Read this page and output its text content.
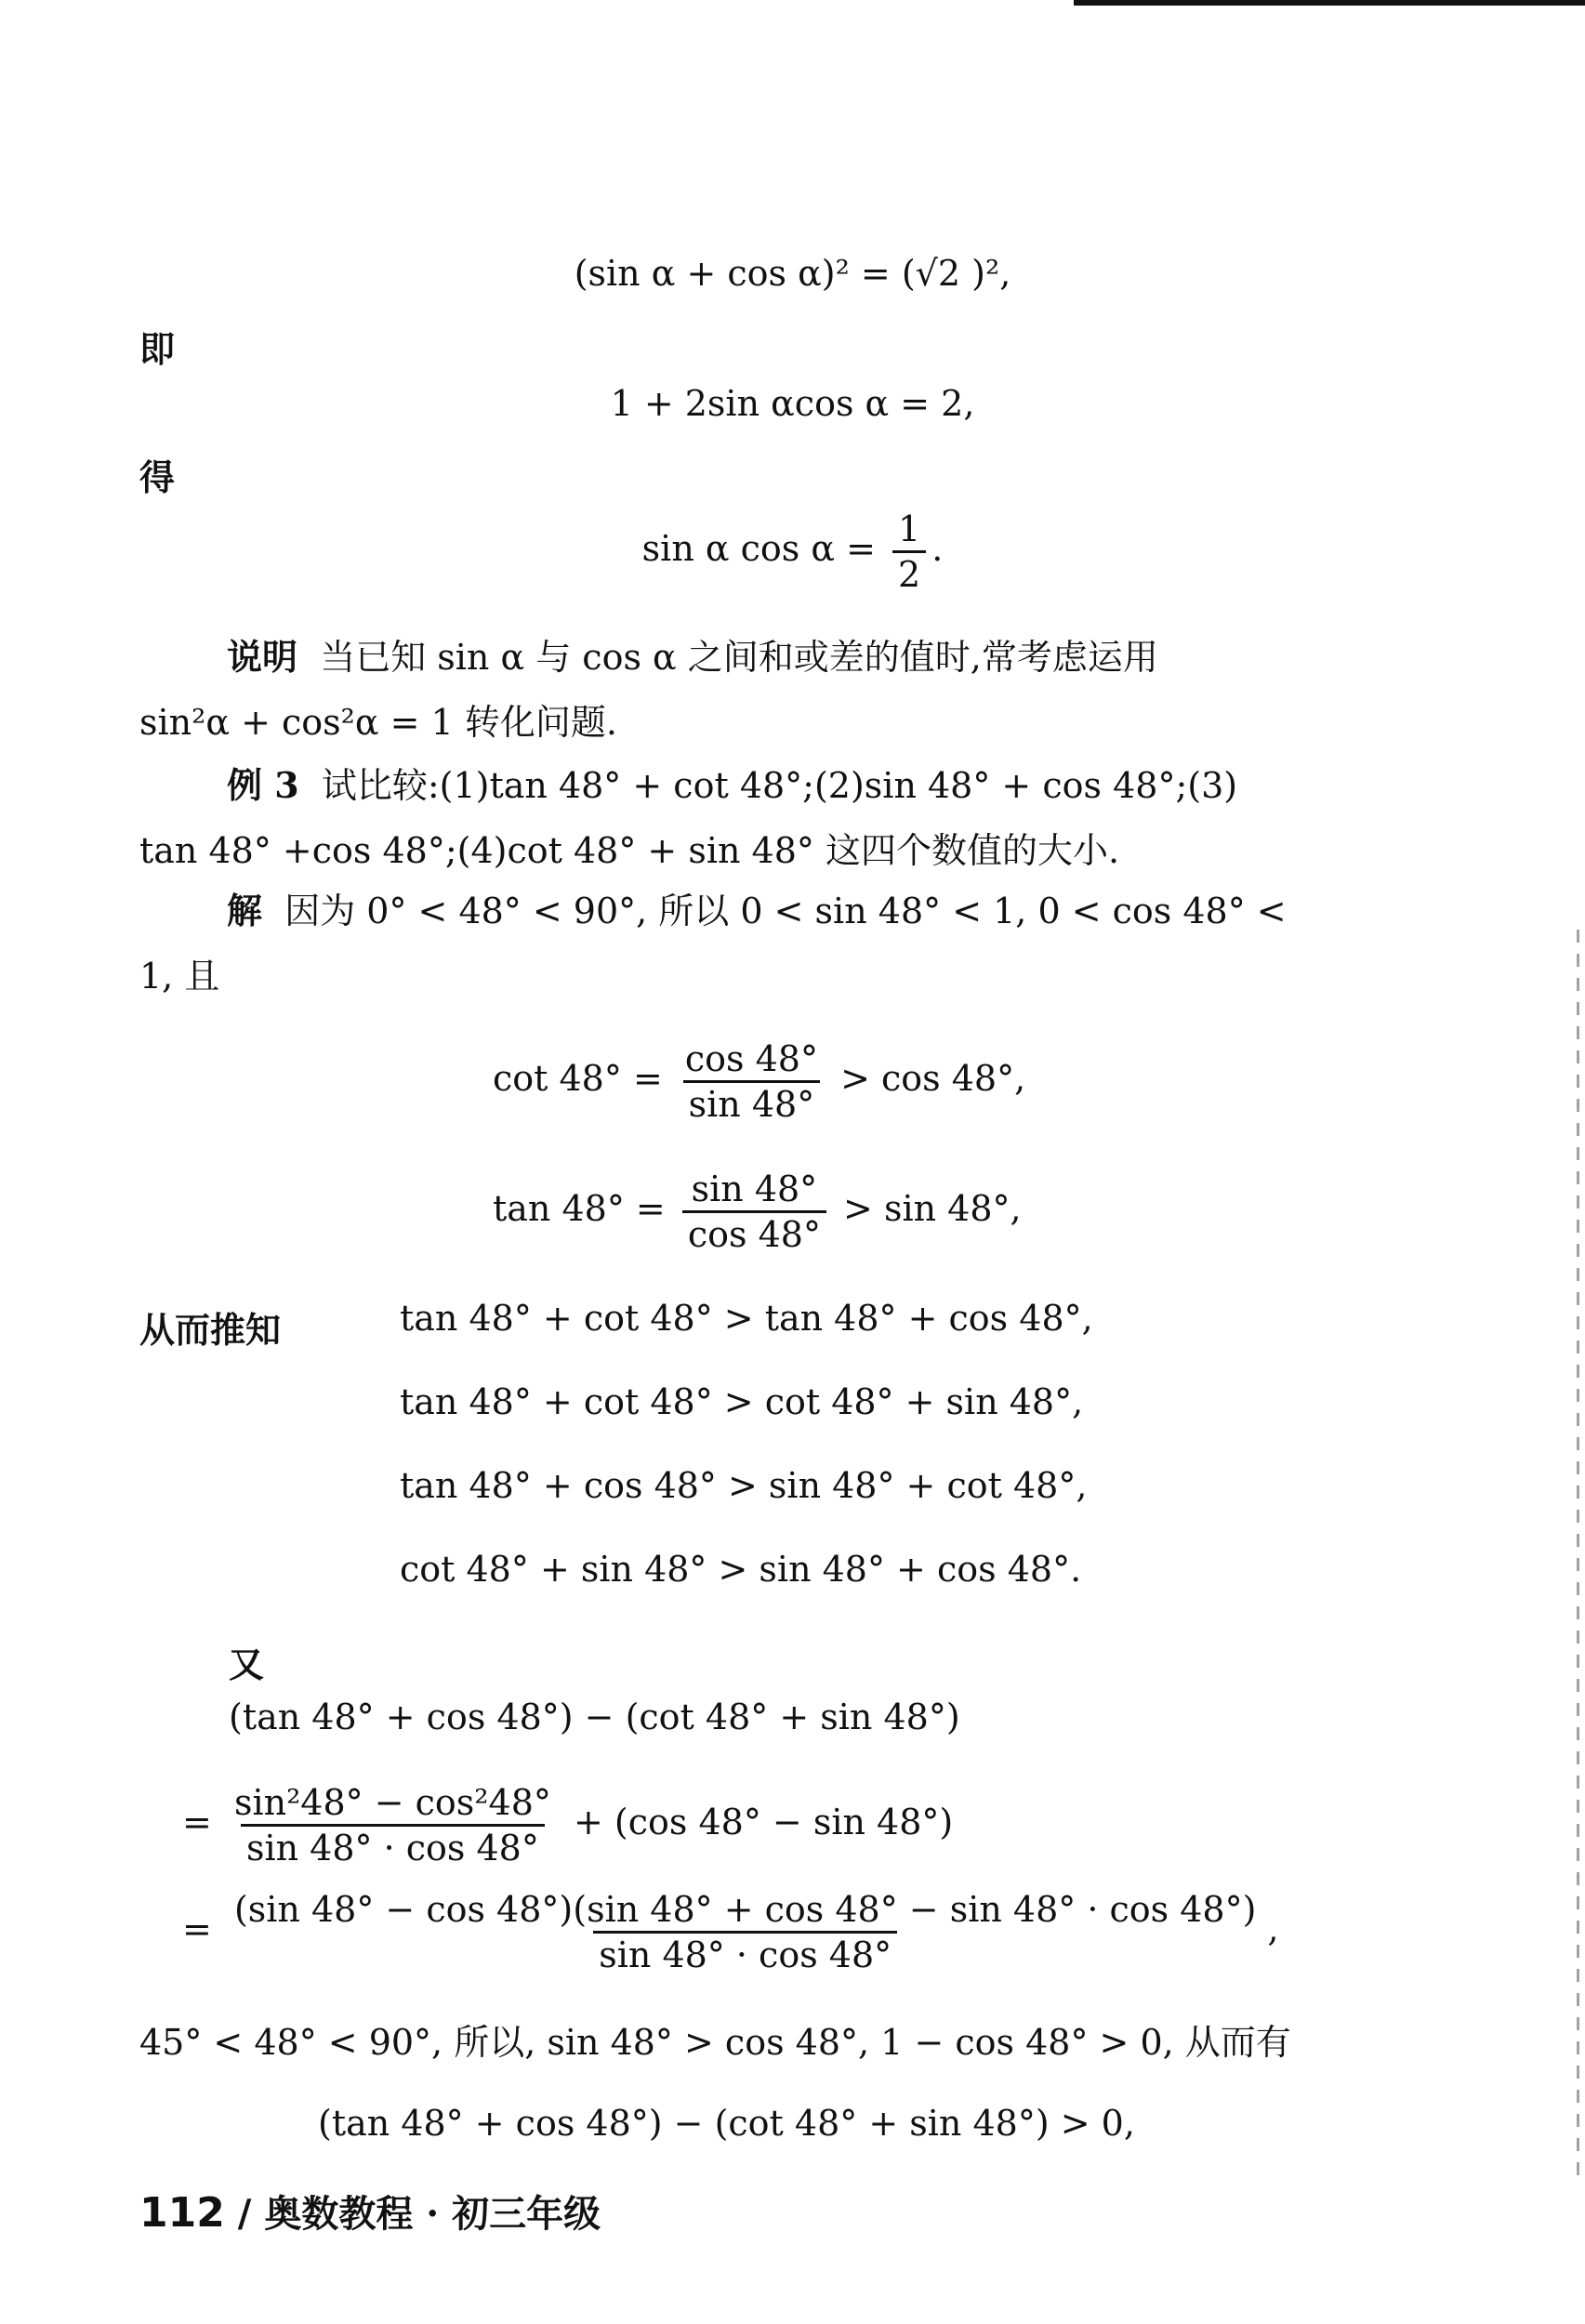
(sin α + cos α)² = (√2 )²,
即
1 + 2sin αcos α = 2,
得
sin α $\cos \alpha = \frac{1}{2}$ .
说明 当已知 sin α 与 cos α 之间和或差的值时,常考虑运用
sin²α + cos²α = 1 转化问题.
例 3 试比较:(1)tan 48° + cot 48°;(2)sin 48° + cos 48°;(3)
tan 48° +cos 48°;(4)cot 48° + sin 48° 这四个数值的大小.
解 因为 0° < 48° < 90°, 所以 0 < sin 48° < 1, 0 < cos 48° <
1, 且
$\cot 48^\circ = \frac{\cos 48^\circ}{\sin 48^\circ} > \cos 48^\circ$,
$\tan 48^\circ = \frac{\sin 48^\circ}{\cos 48^\circ} > \sin 48^\circ$,
从而推知	tan 48° + cot 48° > tan 48° + cos 48°,
tan 48° + cot 48° > cot 48° + sin 48°,
tan 48° + cos 48° > sin 48° + cot 48°,
cot 48° + sin 48° > sin 48° + cos 48°.
又
(tan 48° + cos 48°) − (cot 48° + sin 48°)
= $\frac{\text{sin²48° − cos²48°}}{\sin 48^\circ \cdot \cos 48^\circ} + (\cos$ 48° − sin 48°)
= $\frac{(\sin 48^\circ - \cos 48^\circ)(\sin 48^\circ + \cos 48^\circ - \sin 48^\circ \cdot \cos 48^\circ)}{\sin 48^\circ \cdot \cos 48^\circ}$ ,
45° < 48° < 90°, 所以, sin 48° > cos 48°, 1 − cos 48° > 0, 从而有
(tan 48° + cos 48°) − (cot 48° + sin 48°) > 0,
112 / 奥数教程 · 初三年级
